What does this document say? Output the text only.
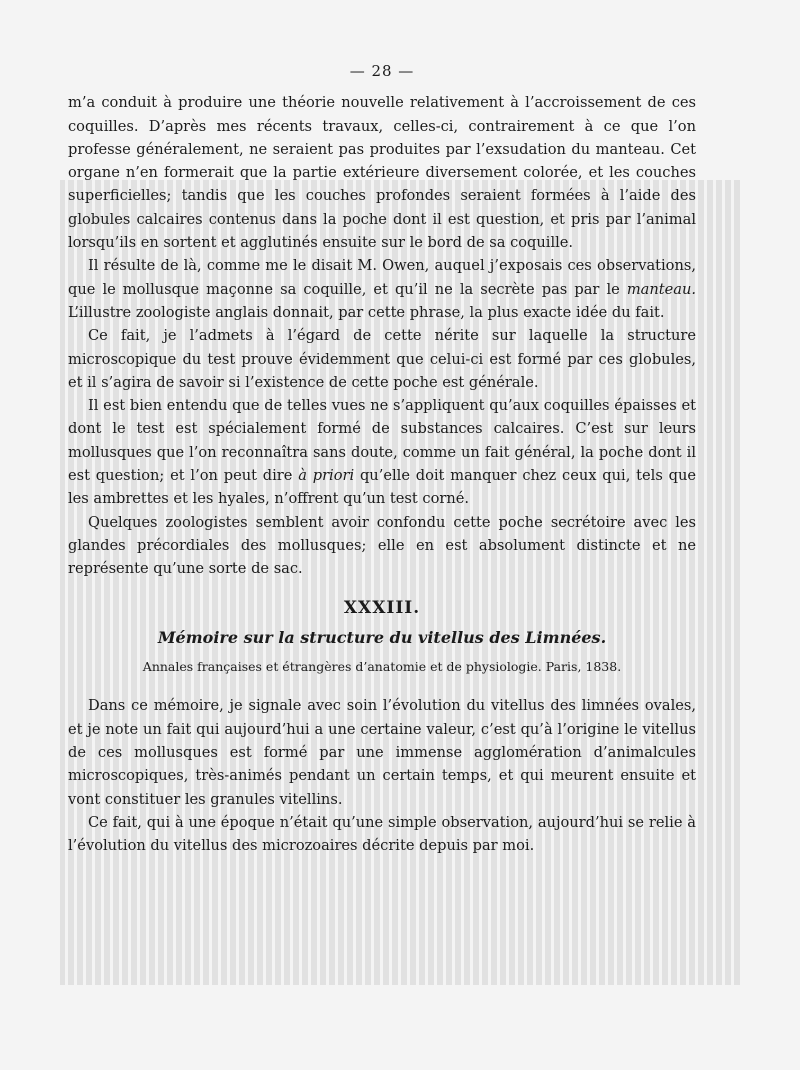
— 28 —

m’a conduit à produire une théorie nouvelle relativement à l’accroissement de ces coquilles. D’après mes récents travaux, celles-ci, contrairement à ce que l’on professe généralement, ne seraient pas produites par l’exsudation du manteau. Cet organe n’en formerait que la partie extérieure diversement colorée, et les couches superficielles; tandis que les couches profondes seraient formées à l’aide des globules calcaires contenus dans la poche dont il est question, et pris par l’animal lorsqu’ils en sortent et agglutinés ensuite sur le bord de sa coquille.

Il résulte de là, comme me le disait M. Owen, auquel j’exposais ces observations, que le mollusque maçonne sa coquille, et qu’il ne la secrète pas par le manteau. L’illustre zoologiste anglais donnait, par cette phrase, la plus exacte idée du fait.

Ce fait, je l’admets à l’égard de cette nérite sur laquelle la structure microscopique du test prouve évidemment que celui-ci est formé par ces globules, et il s’agira de savoir si l’existence de cette poche est générale.

Il est bien entendu que de telles vues ne s’appliquent qu’aux coquilles épaisses et dont le test est spécialement formé de substances calcaires. C’est sur leurs mollusques que l’on reconnaîtra sans doute, comme un fait général, la poche dont il est question; et l’on peut dire à priori qu’elle doit manquer chez ceux qui, tels que les ambrettes et les hyales, n’offrent qu’un test corné.

Quelques zoologistes semblent avoir confondu cette poche secrétoire avec les glandes précordiales des mollusques; elle en est absolument distincte et ne représente qu’une sorte de sac.

XXXIII.
Mémoire sur la structure du vitellus des Limnées.
Annales françaises et étrangères d’anatomie et de physiologie. Paris, 1838.

Dans ce mémoire, je signale avec soin l’évolution du vitellus des limnées ovales, et je note un fait qui aujourd’hui a une certaine valeur, c’est qu’à l’origine le vitellus de ces mollusques est formé par une immense agglomération d’animalcules microscopiques, très-animés pendant un certain temps, et qui meurent ensuite et vont constituer les granules vitellins.

Ce fait, qui à une époque n’était qu’une simple observation, aujourd’hui se relie à l’évolution du vitellus des microzoaires décrite depuis par moi.
